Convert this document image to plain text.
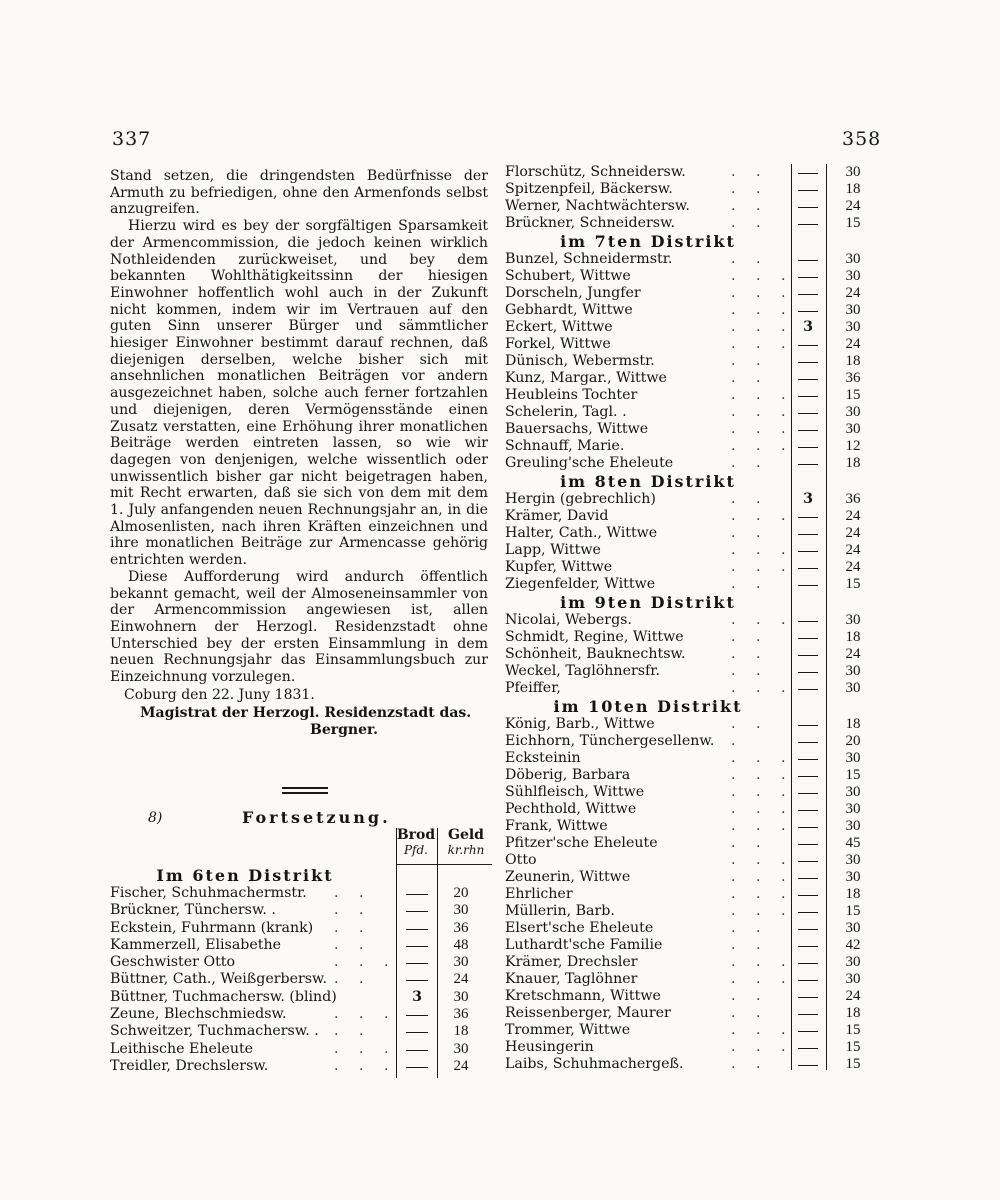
337	358

Stand setzen, die dringendsten Bedürfnisse der Armuth zu befriedigen, ohne den Armenfonds selbst anzugreifen.

Hierzu wird es bey der sorgfältigen Sparsamkeit der Armencommission, die jedoch keinen wirklich Nothleidenden zurückweiset, und bey dem bekannten Wohlthätigkeitssinn der hiesigen Einwohner hoffentlich wohl auch in der Zukunft nicht kommen, indem wir im Vertrauen auf den guten Sinn unserer Bürger und sämmtlicher hiesiger Einwohner bestimmt darauf rechnen, daß diejenigen derselben, welche bisher sich mit ansehnlichen monatlichen Beiträgen vor andern ausgezeichnet haben, solche auch ferner fortzahlen und diejenigen, deren Vermögensstände einen Zusatz verstatten, eine Erhöhung ihrer monatlichen Beiträge werden eintreten lassen, so wie wir dagegen von denjenigen, welche wissentlich oder unwissentlich bisher gar nicht beigetragen haben, mit Recht erwarten, daß sie sich von dem mit dem 1. July anfangenden neuen Rechnungsjahr an, in die Almosenlisten, nach ihren Kräften einzeichnen und ihre monatlichen Beiträge zur Armencasse gehörig entrichten werden.

Diese Aufforderung wird andurch öffentlich bekannt gemacht, weil der Almoseneinsammler von der Armencommission angewiesen ist, allen Einwohnern der Herzogl. Residenzstadt ohne Unterschied bey der ersten Einsammlung in dem neuen Rechnungsjahr das Einsammlungsbuch zur Einzeichnung vorzulegen.

Coburg den 22. Juny 1831.
Magistrat der Herzogl. Residenzstadt das.
Bergner.
8)	Fortsetzung.
Brod
Pfd.
Geld
kr.rhn
Im 6ten Distrikt
Fischer, Schuhmachermstr. . .	20
Brückner, Tünchersw. .	. .	30
Eckstein, Fuhrmann (krank) . .	36
Kammerzell, Elisabethe	. .	48
Geschwister Otto	. . .	30
Büttner, Cath., Weißgerbersw. . .	24
Büttner, Tuchmachersw. (blind)	3	30
Zeune, Blechschmiedsw.	. . .	36
Schweitzer, Tuchmachersw. . . .	18
Leithische Eheleute	. . .	30
Treidler, Drechslersw.	. . .	24
Florschütz, Schneidersw.	. .	30
Spitzenpfeil, Bäckersw.	. .	18
Werner, Nachtwächtersw.	. .	24
Brückner, Schneidersw.	. .	15
im 7ten Distrikt
Bunzel, Schneidermstr.	. .	30
Schubert, Wittwe	. . .	30
Dorscheln, Jungfer	. . .	24
Gebhardt, Wittwe	. . .	30
Eckert, Wittwe	. . . 3	30
Forkel, Wittwe	. . .	24
Dünisch, Webermstr.	. .	18
Kunz, Margar., Wittwe	. .	36
Heubleins Tochter	. . .	15
Schelerin, Tagl. .	. . .	30
Bauersachs, Wittwe	. . .	30
Schnauff, Marie.	. . .	12
Greuling'sche Eheleute	. .	18
im 8ten Distrikt
Hergin (gebrechlich)	. .	3	36
Krämer, David	. . .	24
Halter, Cath., Wittwe	. .	24
Lapp, Wittwe	. . .	24
Kupfer, Wittwe	. . .	24
Ziegenfelder, Wittwe	. .	15
im 9ten Distrikt
Nicolai, Webergs.	. . .	30
Schmidt, Regine, Wittwe	. .	18
Schönheit, Bauknechtsw.	. .	24
Weckel, Taglöhnersfr.	. .	30
Pfeiffer,	. . .	30
im 10ten Distrikt
König, Barb., Wittwe	. .	18
Eichhorn, Tünchergesellenw. .	20
Ecksteinin	. . .	30
Döberig, Barbara	. . .	15
Sühlfleisch, Wittwe	. . .	30
Pechthold, Wittwe	. . .	30
Frank, Wittwe	. . .	30
Pfitzer'sche Eheleute	. .	45
Otto	. . .	30
Zeunerin, Wittwe	. . .	30
Ehrlicher	. . .	18
Müllerin, Barb.	. . .	15
Elsert'sche Eheleute	. .	30
Luthardt'sche Familie	. .	42
Krämer, Drechsler	. . .	30
Knauer, Taglöhner	. . .	30
Kretschmann, Wittwe	. .	24
Reissenberger, Maurer	. .	18
Trommer, Wittwe	. . .	15
Heusingerin	. . .	15
Laibs, Schuhmachergeß.	. .	15
